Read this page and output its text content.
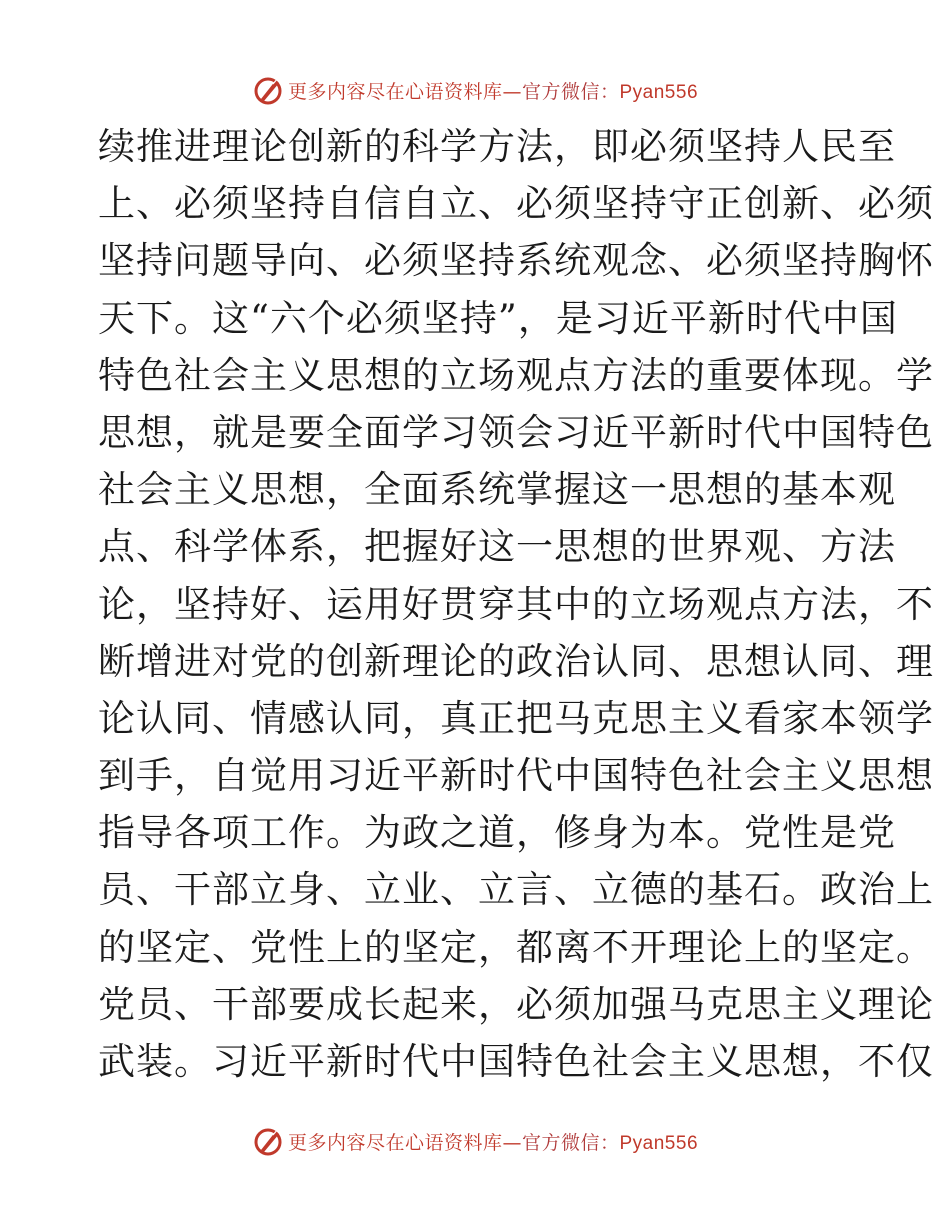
更多内容尽在心语资料库—官方微信：Pyan556
续推进理论创新的科学方法，即必须坚持人民至
上、必须坚持自信自立、必须坚持守正创新、必须
坚持问题导向、必须坚持系统观念、必须坚持胸怀
天下。这“六个必须坚持”，是习近平新时代中国
特色社会主义思想的立场观点方法的重要体现。学
思想，就是要全面学习领会习近平新时代中国特色
社会主义思想，全面系统掌握这一思想的基本观
点、科学体系，把握好这一思想的世界观、方法
论，坚持好、运用好贯穿其中的立场观点方法，不
断增进对党的创新理论的政治认同、思想认同、理
论认同、情感认同，真正把马克思主义看家本领学
到手，自觉用习近平新时代中国特色社会主义思想
指导各项工作。为政之道，修身为本。党性是党
员、干部立身、立业、立言、立德的基石。政治上
的坚定、党性上的坚定，都离不开理论上的坚定。
党员、干部要成长起来，必须加强马克思主义理论
武装。习近平新时代中国特色社会主义思想，不仅
更多内容尽在心语资料库—官方微信：Pyan556
